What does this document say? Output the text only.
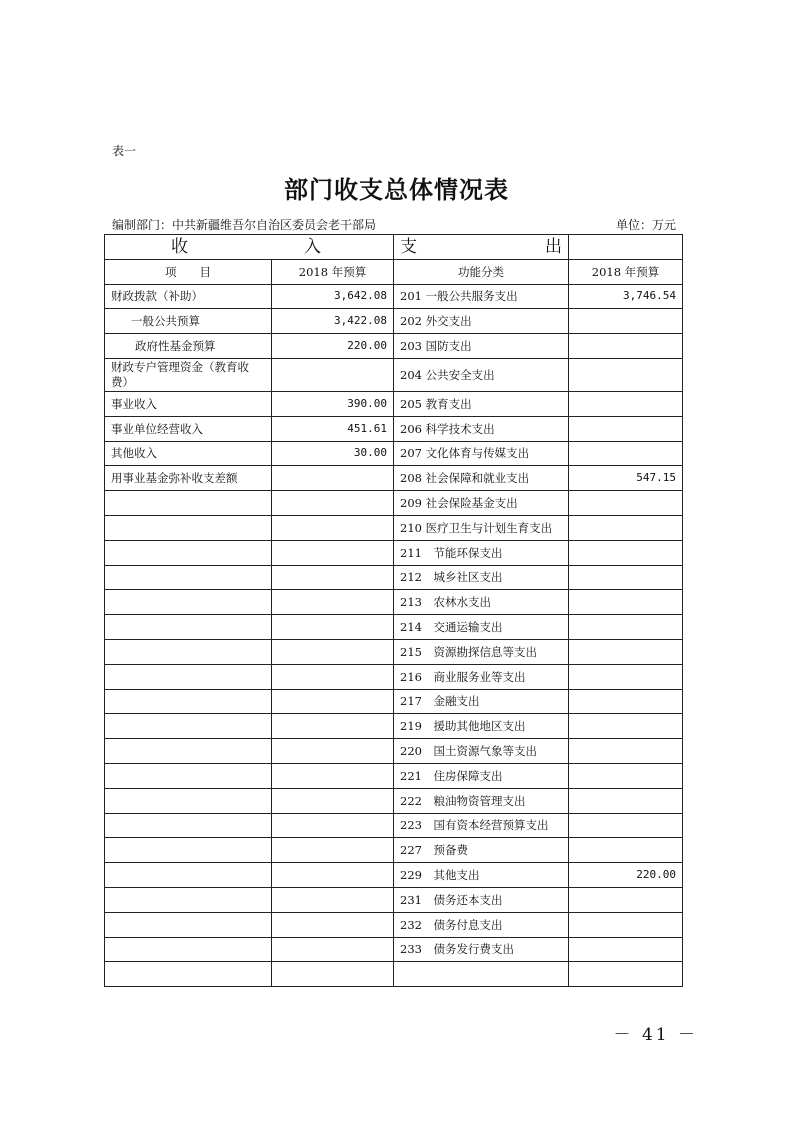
表一
部门收支总体情况表
编制部门：中共新疆维吾尔自治区委员会老干部局	单位：万元
收 入		支 出	

项　　目	2018 年预算	功能分类	2018 年预算
财政拨款（补助）	3,642.08	201 一般公共服务支出	3,746.54
一般公共预算	3,422.08	202 外交支出	
政府性基金预算	220.00	203 国防支出	
财政专户管理资金（教育收费）		204 公共安全支出	
事业收入	390.00	205 教育支出	
事业单位经营收入	451.61	206 科学技术支出	
其他收入	30.00	207 文化体育与传媒支出	
用事业基金弥补收支差额		208 社会保障和就业支出	547.15
		209 社会保险基金支出	
		210 医疗卫生与计划生育支出	
		211　节能环保支出	
		212　城乡社区支出	
		213　农林水支出	
		214　交通运输支出	
		215　资源勘探信息等支出	
		216　商业服务业等支出	
		217　金融支出	
		219　援助其他地区支出	
		220　国土资源气象等支出	
		221　住房保障支出	
		222　粮油物资管理支出	
		223　国有资本经营预算支出	
		227　预备费	
		229　其他支出	220.00
		231　债务还本支出	
		232　债务付息支出	
		233　债务发行费支出	

－ 41 －
